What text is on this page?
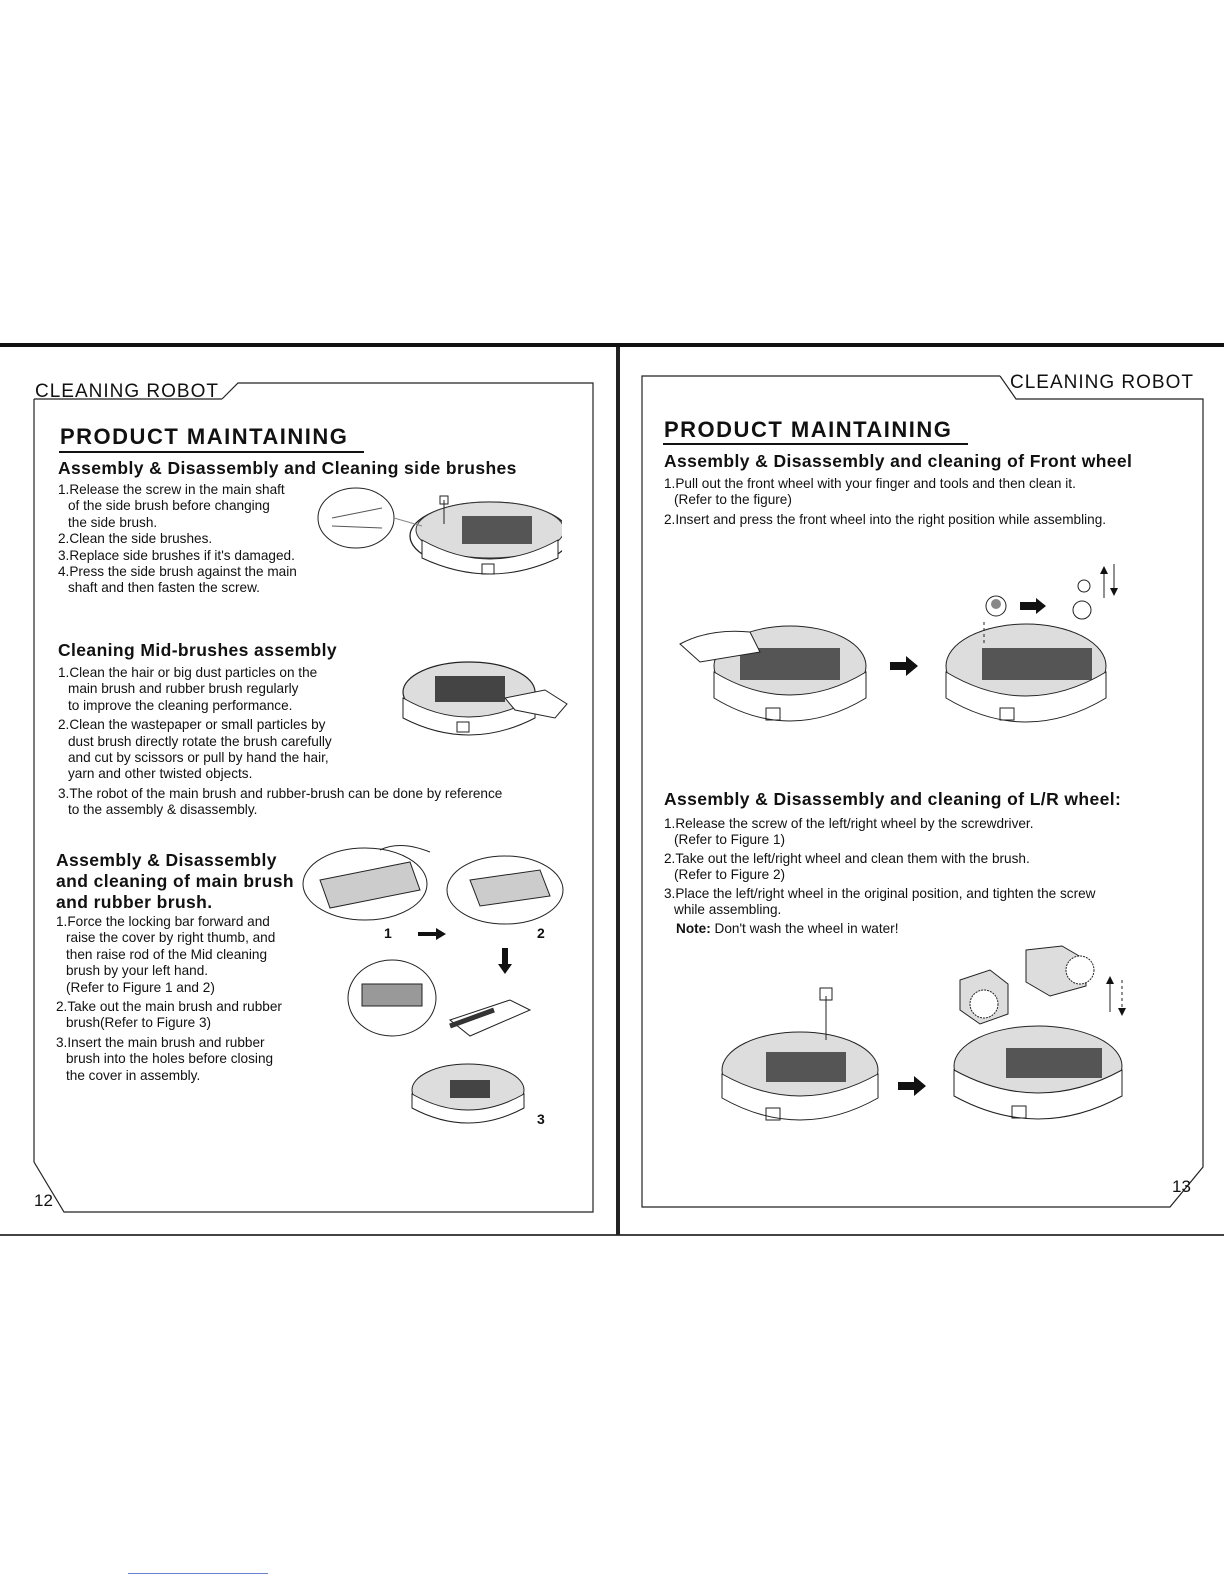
CLEANING ROBOT
12
PRODUCT MAINTAINING
Assembly & Disassembly and Cleaning side brushes
1.Release the screw in the main shaft
of the side brush before changing
the side brush.
2.Clean the side brushes.
3.Replace side brushes if it's damaged.
4.Press the side brush against the main
shaft and then fasten the screw.
Cleaning Mid-brushes assembly
1.Clean the hair or big dust particles on the
main brush and rubber brush regularly
to improve the cleaning performance.
2.Clean the wastepaper or small particles by
dust brush directly rotate the brush carefully
and cut by scissors or pull by hand the hair,
yarn and other twisted objects.
3.The robot of the main brush and rubber-brush can be done by reference
to the assembly & disassembly.
Assembly & Disassembly
and cleaning of main brush
and rubber brush.
1.Force the locking bar forward and
raise the cover by right thumb, and
then raise rod of the Mid cleaning
brush by your left hand.
(Refer to Figure 1 and 2)
2.Take out the main brush and rubber
brush(Refer to Figure 3)
3.Insert the main brush and rubber
brush into the holes before closing
the cover in assembly.
1	2
3
CLEANING ROBOT
13
PRODUCT MAINTAINING
Assembly & Disassembly and cleaning of Front wheel
1.Pull out the front wheel with your finger and tools and then clean it.
(Refer to the figure)
2.Insert and press the front wheel into the right position while assembling.
Assembly & Disassembly and cleaning of L/R wheel:
1.Release the screw of the left/right wheel by the screwdriver.
(Refer to Figure 1)
2.Take out the left/right wheel and clean them with the brush.
(Refer to Figure 2)
3.Place the left/right wheel in the original position, and tighten the screw
while assembling.
Note: Don't wash the wheel in water!
